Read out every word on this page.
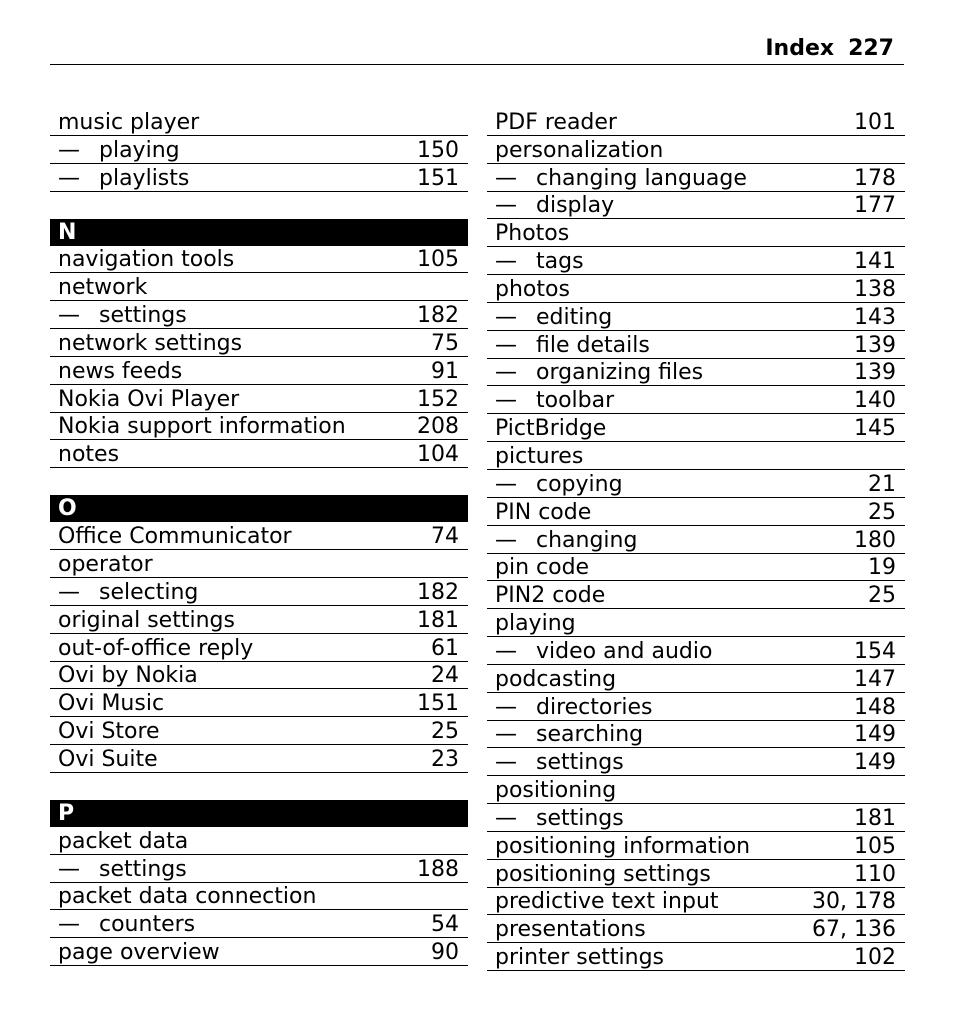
Index 227
music player
— playing	150
— playlists	151
N
navigation tools	105
network
— settings	182
network settings	75
news feeds	91
Nokia Ovi Player	152
Nokia support information	208
notes	104
O
Office Communicator	74
operator
— selecting	182
original settings	181
out-of-office reply	61
Ovi by Nokia	24
Ovi Music	151
Ovi Store	25
Ovi Suite	23
P
packet data
— settings	188
packet data connection
— counters	54
page overview	90
PDF reader	101
personalization
— changing language	178
— display	177
Photos
— tags	141
photos	138
— editing	143
— file details	139
— organizing files	139
— toolbar	140
PictBridge	145
pictures
— copying	21
PIN code	25
— changing	180
pin code	19
PIN2 code	25
playing
— video and audio	154
podcasting	147
— directories	148
— searching	149
— settings	149
positioning
— settings	181
positioning information	105
positioning settings	110
predictive text input	30, 178
presentations	67, 136
printer settings	102
